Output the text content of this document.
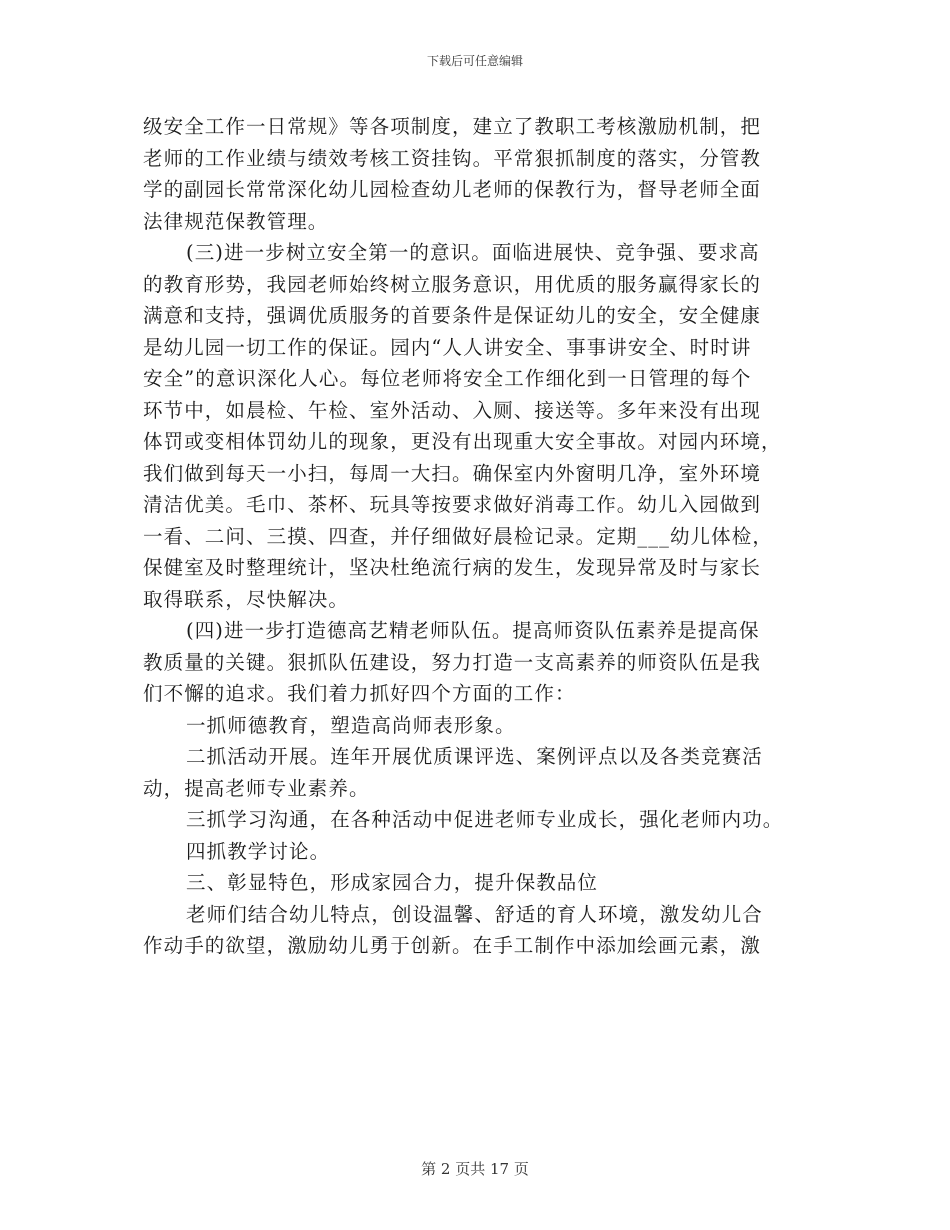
下载后可任意编辑
级安全工作一日常规》等各项制度，建立了教职工考核激励机制，把
老师的工作业绩与绩效考核工资挂钩。平常狠抓制度的落实，分管教
学的副园长常常深化幼儿园检查幼儿老师的保教行为，督导老师全面
法律规范保教管理。
(三)进一步树立安全第一的意识。面临进展快、竞争强、要求高
的教育形势，我园老师始终树立服务意识，用优质的服务赢得家长的
满意和支持，强调优质服务的首要条件是保证幼儿的安全，安全健康
是幼儿园一切工作的保证。园内“人人讲安全、事事讲安全、时时讲
安全”的意识深化人心。每位老师将安全工作细化到一日管理的每个
环节中，如晨检、午检、室外活动、入厕、接送等。多年来没有出现
体罚或变相体罚幼儿的现象，更没有出现重大安全事故。对园内环境，
我们做到每天一小扫，每周一大扫。确保室内外窗明几净，室外环境
清洁优美。毛巾、茶杯、玩具等按要求做好消毒工作。幼儿入园做到
一看、二问、三摸、四查，并仔细做好晨检记录。定期___幼儿体检，
保健室及时整理统计，坚决杜绝流行病的发生，发现异常及时与家长
取得联系，尽快解决。
(四)进一步打造德高艺精老师队伍。提高师资队伍素养是提高保
教质量的关键。狠抓队伍建设，努力打造一支高素养的师资队伍是我
们不懈的追求。我们着力抓好四个方面的工作：
一抓师德教育，塑造高尚师表形象。
二抓活动开展。连年开展优质课评选、案例评点以及各类竞赛活
动，提高老师专业素养。
三抓学习沟通，在各种活动中促进老师专业成长，强化老师内功。
四抓教学讨论。
三、彰显特色，形成家园合力，提升保教品位
老师们结合幼儿特点，创设温馨、舒适的育人环境，激发幼儿合
作动手的欲望，激励幼儿勇于创新。在手工制作中添加绘画元素，激
第 2 页共 17 页
